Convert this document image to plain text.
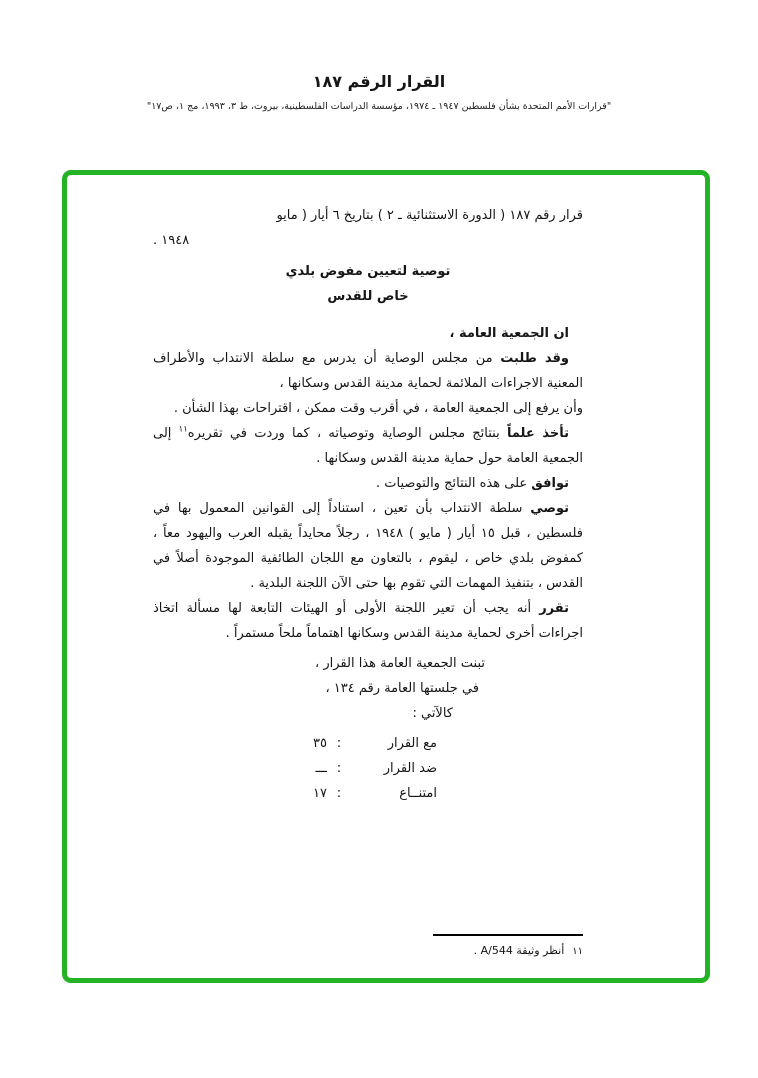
القرار الرقم ١٨٧
"قرارات الأمم المتحدة بشأن فلسطين ١٩٤٧ ـ ١٩٧٤، مؤسسة الدراسات الفلسطينية، بيروت، ط ٣، ١٩٩٣، مج ١، ص١٧"
قرار رقم ١٨٧ ( الدورة الاستثنائية ـ ٢ ) بتاريخ ٦ أيار ( مايو
١٩٤٨ .
توصية لتعيين مفوض بلدي
خاص للقدس

ان الجمعية العامة ،

وقد طلبت من مجلس الوصاية أن يدرس مع سلطة الانتداب والأطراف المعنية الاجراءات الملائمة لحماية مدينة القدس وسكانها ،

وأن يرفع إلى الجمعية العامة ، في أقرب وقت ممكن ، اقتراحات بهذا الشأن .

تأخذ علماً بنتائج مجلس الوصاية وتوصياته ، كما وردت في تقريره$^{١١}$ إلى الجمعية العامة حول حماية مدينة القدس وسكانها .

توافق على هذه النتائج والتوصيات .

توصي سلطة الانتداب بأن تعين ، استناداً إلى القوانين المعمول بها في فلسطين ، قبل ١٥ أيار ( مايو ) ١٩٤٨ ، رجلاً محايداً يقبله العرب واليهود معاً ، كمفوض بلدي خاص ، ليقوم ، بالتعاون مع اللجان الطائفية الموجودة أصلاً في القدس ، بتنفيذ المهمات التي تقوم بها حتى الآن اللجنة البلدية .

تقرر أنه يجب أن تعير اللجنة الأولى أو الهيئات التابعة لها مسألة اتخاذ اجراءات أخرى لحماية مدينة القدس وسكانها اهتماماً ملحاً مستمراً .

تبنت الجمعية العامة هذا القرار ،
في جلستها العامة رقم ١٣٤ ،
كالآتي :
مع القرار
:
٣٥
ضد القرار
:
ـــ
امتنــاع
:
١٧
١١أنظر وثيقة A/544 .
